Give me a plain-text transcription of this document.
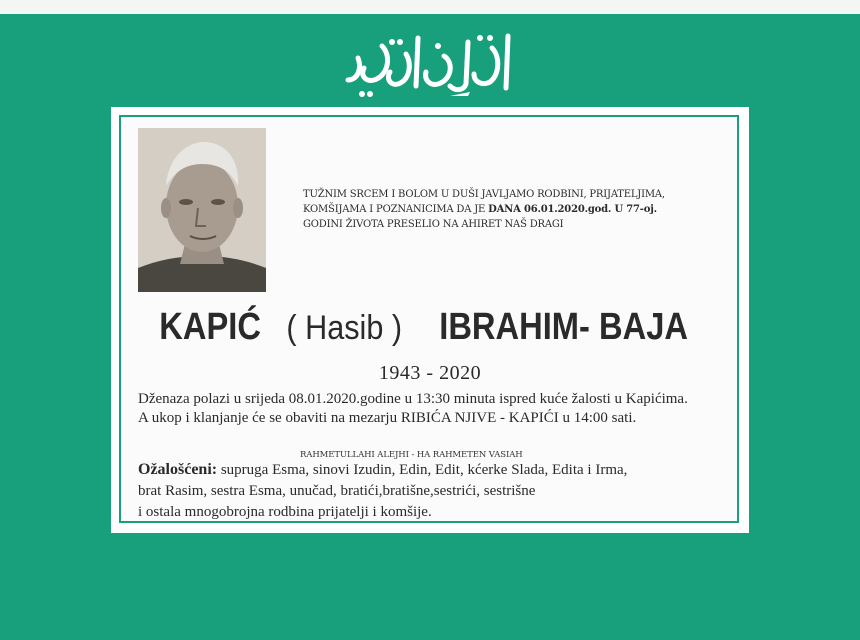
TUŽNIM SRCEM I BOLOM U DUŠI JAVLJAMO RODBINI, PRIJATELJIMA,
KOMŠIJAMA I POZNANICIMA DA JE DANA 06.01.2020.god. U 77-oj.
GODINI ŽIVOTA PRESELIO NA AHIRET NAŠ DRAGI
KAPIĆ ( Hasib ) IBRAHIM- BAJA
1943 - 2020
Dženaza polazi u srijeda 08.01.2020.godine u 13:30 minuta ispred kuće žalosti u Kapićima.
A ukop i klanjanje će se obaviti na mezarju RIBIĆA NJIVE - KAPIĆI u 14:00 sati.
RAHMETULLAHI ALEJHI - HA RAHMETEN VASIAH
Ožalošćeni: supruga Esma, sinovi Izudin, Edin, Edit, kćerke Slada, Edita i Irma,
brat Rasim, sestra Esma, unučad, bratići,bratišne,sestrići, sestrišne
i ostala mnogobrojna rodbina prijatelji i komšije.
